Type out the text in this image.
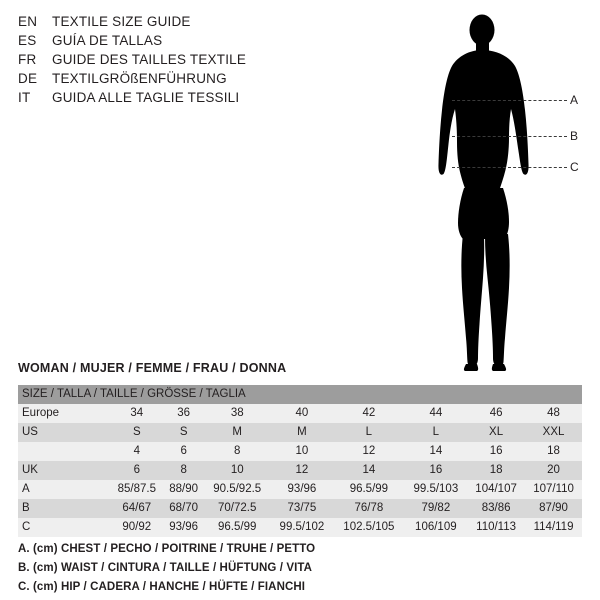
EN	TEXTILE SIZE GUIDE
ES	GUÍA DE TALLAS
FR	GUIDE DES TAILLES TEXTILE
DE	TEXTILGRÖßENFÜHRUNG
IT	GUIDA ALLE TAGLIE TESSILI	A
B
C
WOMAN / MUJER / FEMME / FRAU / DONNA
SIZE / TALLA / TAILLE / GRÖSSE / TAGLIA								
Europe	34	36	38	40	42	44	46	48
US	S	S	M	M	L	L	XL	XXL
	4	6	8	10	12	14	16	18
UK	6	8	10	12	14	16	18	20
A	85/87.5	88/90	90.5/92.5	93/96	96.5/99	99.5/103	104/107	107/110
B	64/67	68/70	70/72.5	73/75	76/78	79/82	83/86	87/90
C	90/92	93/96	96.5/99	99.5/102	102.5/105	106/109	110/113	114/119
A. (cm) CHEST / PECHO / POITRINE / TRUHE / PETTO
B. (cm) WAIST / CINTURA / TAILLE / HÜFTUNG / VITA
C. (cm) HIP / CADERA / HANCHE / HÜFTE / FIANCHI
